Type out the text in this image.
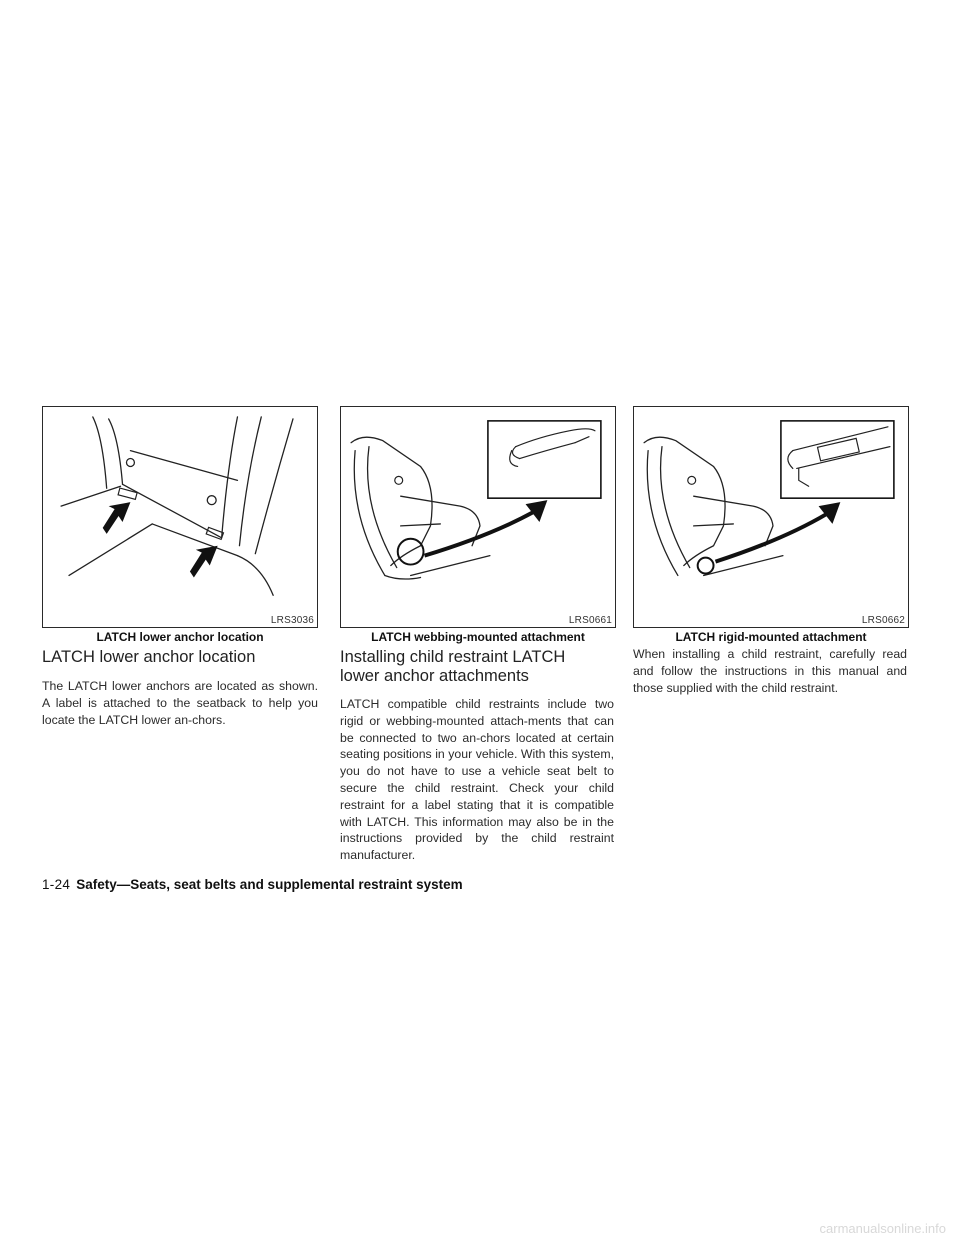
LRS3036
LATCH lower anchor location
LRS0661
LATCH webbing-mounted attachment
LRS0662
LATCH rigid-mounted attachment
LATCH lower anchor location

The LATCH lower anchors are located as shown. A label is attached to the seatback to help you locate the LATCH lower an-chors.

Installing child restraint LATCH
lower anchor attachments

LATCH compatible child restraints include two rigid or webbing-mounted attach-ments that can be connected to two an-chors located at certain seating positions in your vehicle. With this system, you do not have to use a vehicle seat belt to secure the child restraint. Check your child restraint for a label stating that it is compatible with LATCH. This information may also be in the instructions provided by the child restraint manufacturer.

When installing a child restraint, carefully read and follow the instructions in this manual and those supplied with the child restraint.

1-24 Safety—Seats, seat belts and supplemental restraint system
carmanualsonline.info
